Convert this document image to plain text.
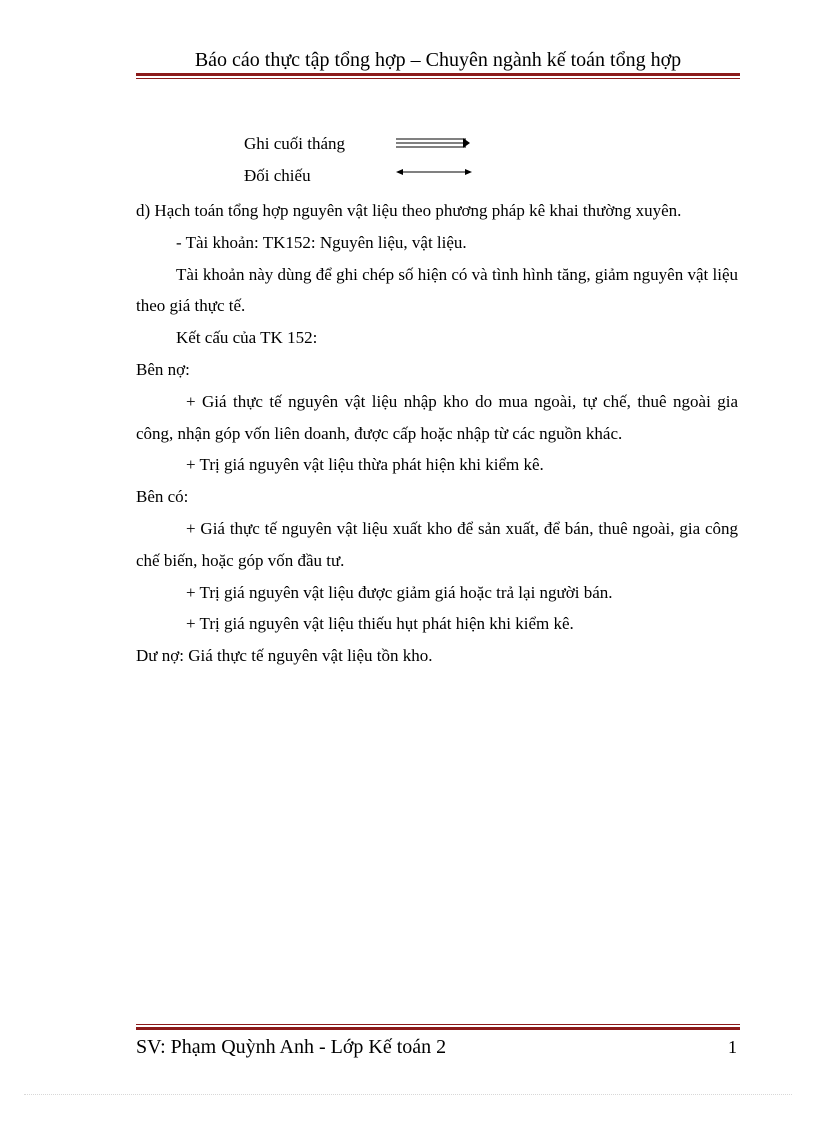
Báo cáo thực tập tổng hợp – Chuyên ngành kế toán tổng hợp
Ghi cuối tháng
Đối chiếu

d) Hạch toán tổng hợp nguyên vật liệu theo phương pháp kê khai thường xuyên.

- Tài khoản: TK152: Nguyên liệu, vật liệu.

Tài khoản này dùng để ghi chép số hiện có và tình hình tăng, giảm nguyên vật liệu theo giá thực tế.

Kết cấu của TK 152:

Bên nợ:

+ Giá thực tế nguyên vật liệu nhập kho do mua ngoài, tự chế, thuê ngoài gia công, nhận góp vốn liên doanh, được cấp hoặc nhập từ các nguồn khác.

+ Trị giá nguyên vật liệu thừa phát hiện khi kiểm kê.

Bên có:

+ Giá thực tế nguyên vật liệu xuất kho để sản xuất, để bán, thuê ngoài, gia công chế biến, hoặc góp vốn đầu tư.

+ Trị giá nguyên vật liệu được giảm giá hoặc trả lại người bán.

+ Trị giá nguyên vật liệu thiếu hụt phát hiện khi kiểm kê.

Dư nợ: Giá thực tế nguyên vật liệu tồn kho.

SV: Phạm Quỳnh Anh - Lớp Kế toán 2	1
